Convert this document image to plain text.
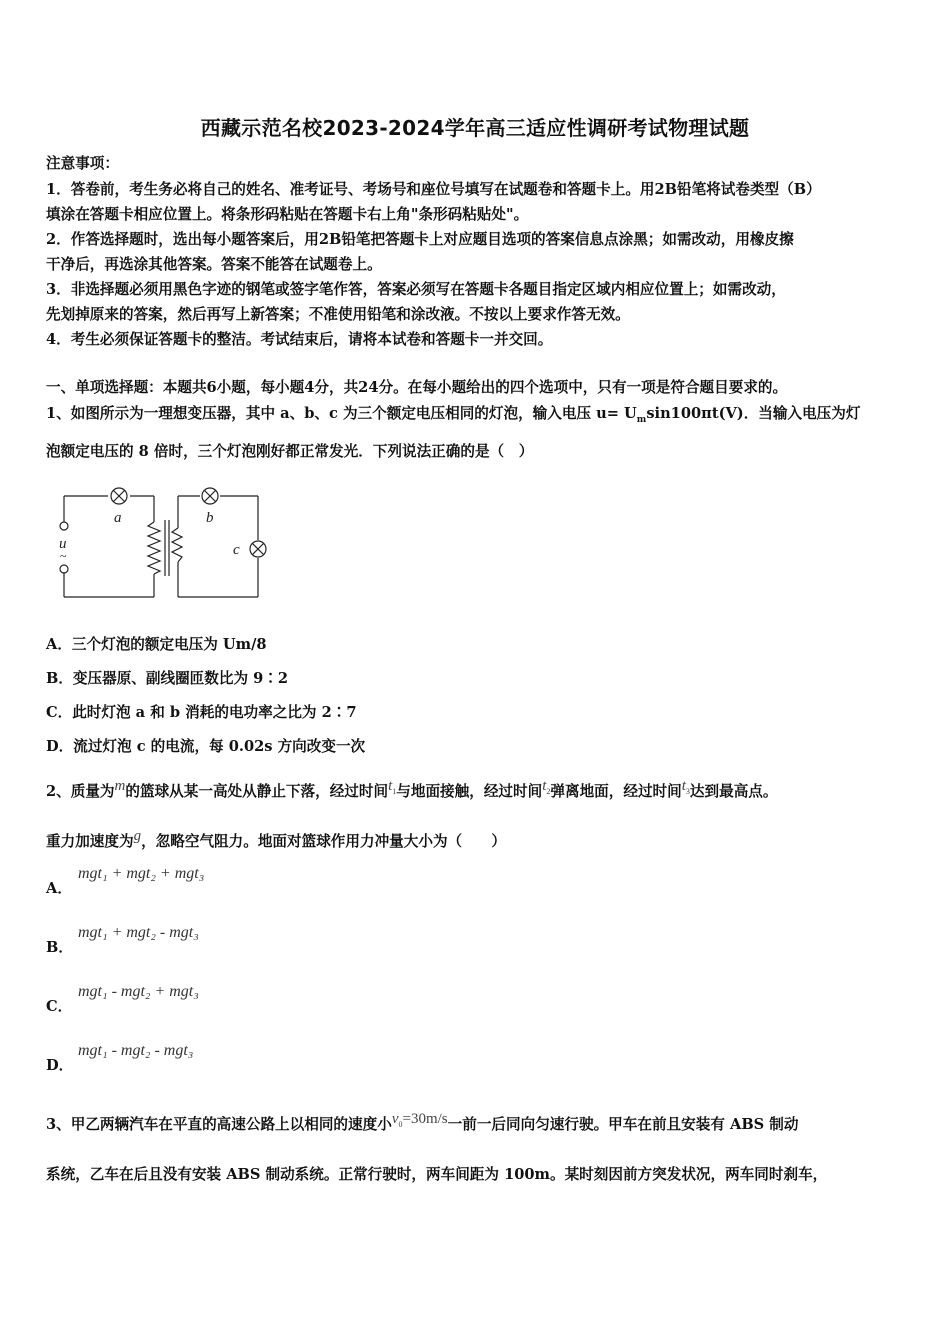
西藏示范名校2023-2024学年高三适应性调研考试物理试题
注意事项：
1．答卷前，考生务必将自己的姓名、准考证号、考场号和座位号填写在试题卷和答题卡上。用2B铅笔将试卷类型（B）
填涂在答题卡相应位置上。将条形码粘贴在答题卡右上角"条形码粘贴处"。
2．作答选择题时，选出每小题答案后，用2B铅笔把答题卡上对应题目选项的答案信息点涂黑；如需改动，用橡皮擦
干净后，再选涂其他答案。答案不能答在试题卷上。
3．非选择题必须用黑色字迹的钢笔或签字笔作答，答案必须写在答题卡各题目指定区域内相应位置上；如需改动，
先划掉原来的答案，然后再写上新答案；不准使用铅笔和涂改液。不按以上要求作答无效。
4．考生必须保证答题卡的整洁。考试结束后，请将本试卷和答题卡一并交回。
一、单项选择题：本题共6小题，每小题4分，共24分。在每小题给出的四个选项中，只有一项是符合题目要求的。
1、如图所示为一理想变压器，其中 a、b、c 为三个额定电压相同的灯泡，输入电压 $u= U_m\sin 100\pi t(V)$．当输入电压为灯
泡额定电压的 8 倍时，三个灯泡刚好都正常发光．下列说法正确的是（　）
a	b
c
u
~
A．三个灯泡的额定电压为 Um/8
B．变压器原、副线圈匝数比为 9∶2
C．此时灯泡 a 和 b 消耗的电功率之比为 2∶7
D．流过灯泡 c 的电流，每 0.02s 方向改变一次
2、质量为m的篮球从某一高处从静止下落，经过时间$t_1$与地面接触，经过时间$t_2$弹离地面，经过时间$t_3$达到最高点。
重力加速度为g，忽略空气阻力。地面对篮球作用力冲量大小为（　　）
A．
mgt₁ + mgt₂ + mgt₃
B．
mgt₁ + mgt₂ - mgt₃
C．
mgt₁ - mgt₂ + mgt₃
D．
mgt₁ - mgt₂ - mgt₃
3、甲乙两辆汽车在平直的高速公路上以相同的速度小$v_0=30m/s$一前一后同向匀速行驶。甲车在前且安装有 ABS 制动
系统，乙车在后且没有安装 ABS 制动系统。正常行驶时，两车间距为 100m。某时刻因前方突发状况，两车同时刹车，
